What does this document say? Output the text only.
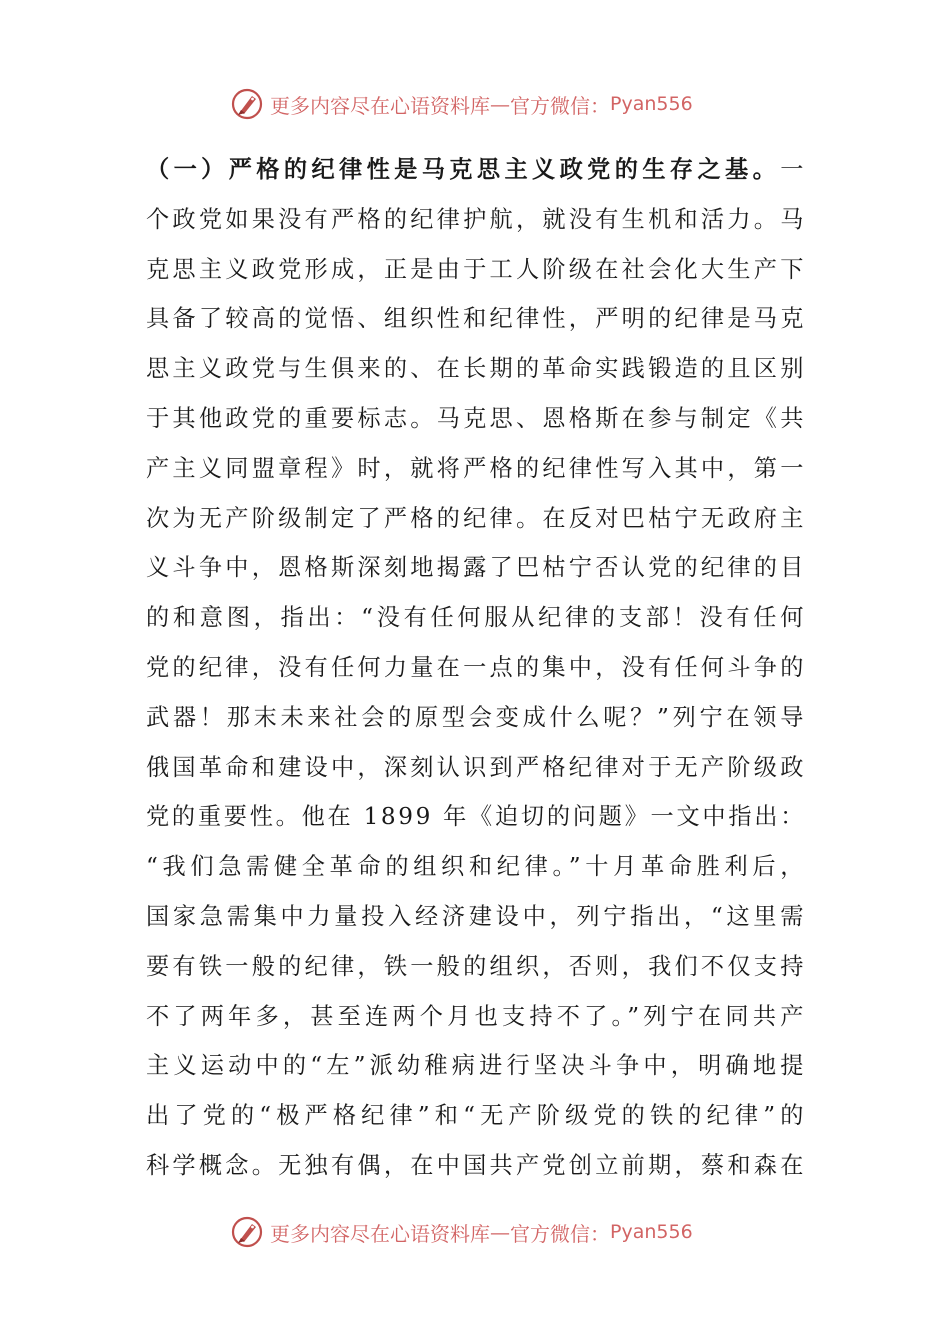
更多内容尽在心语资料库 — 官方微信： Pyan556
（一）严格的纪律性是马克思主义政党的生存之基。一
个政党如果没有严格的纪律护航，就没有生机和活力。马
克思主义政党形成，正是由于工人阶级在社会化大生产下
具备了较高的觉悟、组织性和纪律性，严明的纪律是马克
思主义政党与生俱来的、在长期的革命实践锻造的且区别
于其他政党的重要标志。马克思、恩格斯在参与制定《共
产主义同盟章程》时，就将严格的纪律性写入其中，第一
次为无产阶级制定了严格的纪律。在反对巴枯宁无政府主
义斗争中，恩格斯深刻地揭露了巴枯宁否认党的纪律的目
的和意图，指出：“没有任何服从纪律的支部！没有任何
党的纪律，没有任何力量在一点的集中，没有任何斗争的
武器！那末未来社会的原型会变成什么呢？”列宁在领导
俄国革命和建设中，深刻认识到严格纪律对于无产阶级政
党的重要性。他在 1899 年《迫切的问题》一文中指出：
“我们急需健全革命的组织和纪律。”十月革命胜利后，
国家急需集中力量投入经济建设中，列宁指出，“这里需
要有铁一般的纪律，铁一般的组织，否则，我们不仅支持
不了两年多，甚至连两个月也支持不了。”列宁在同共产
主义运动中的“左”派幼稚病进行坚决斗争中，明确地提
出了党的“极严格纪律”和“无产阶级党的铁的纪律”的
科学概念。无独有偶，在中国共产党创立前期，蔡和森在
更多内容尽在心语资料库 — 官方微信： Pyan556
